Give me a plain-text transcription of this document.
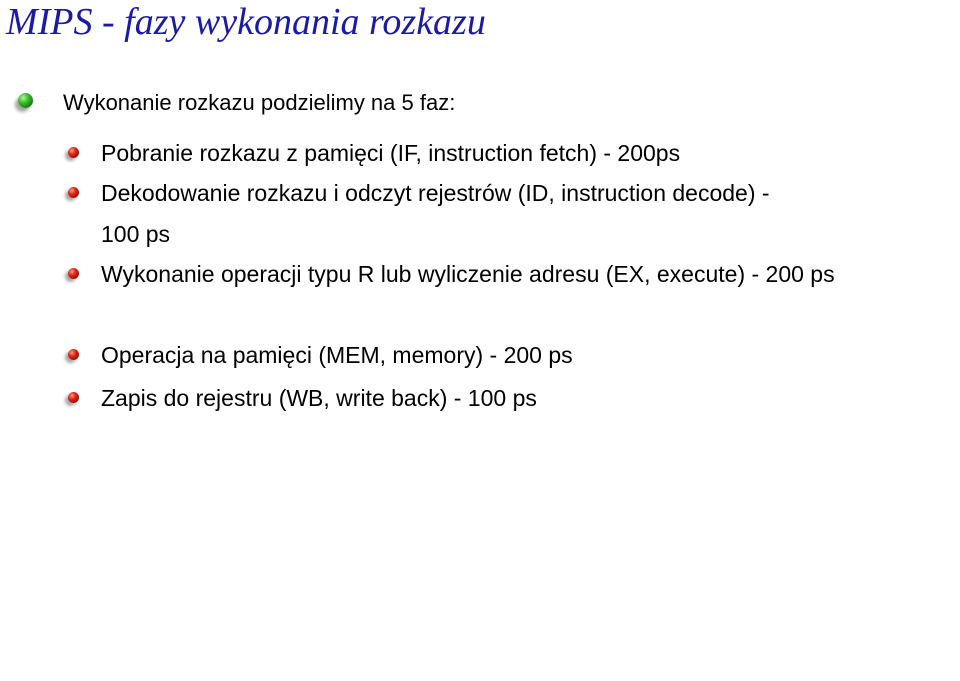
MIPS - fazy wykonania rozkazu
Wykonanie rozkazu podzielimy na 5 faz:
Pobranie rozkazu z pamięci (IF, instruction fetch) - 200ps
Dekodowanie rozkazu i odczyt rejestrów (ID, instruction decode) - 100 ps
Wykonanie operacji typu R lub wyliczenie adresu (EX, execute) - 200 ps
Operacja na pamięci (MEM, memory) - 200 ps
Zapis do rejestru (WB, write back) - 100 ps
